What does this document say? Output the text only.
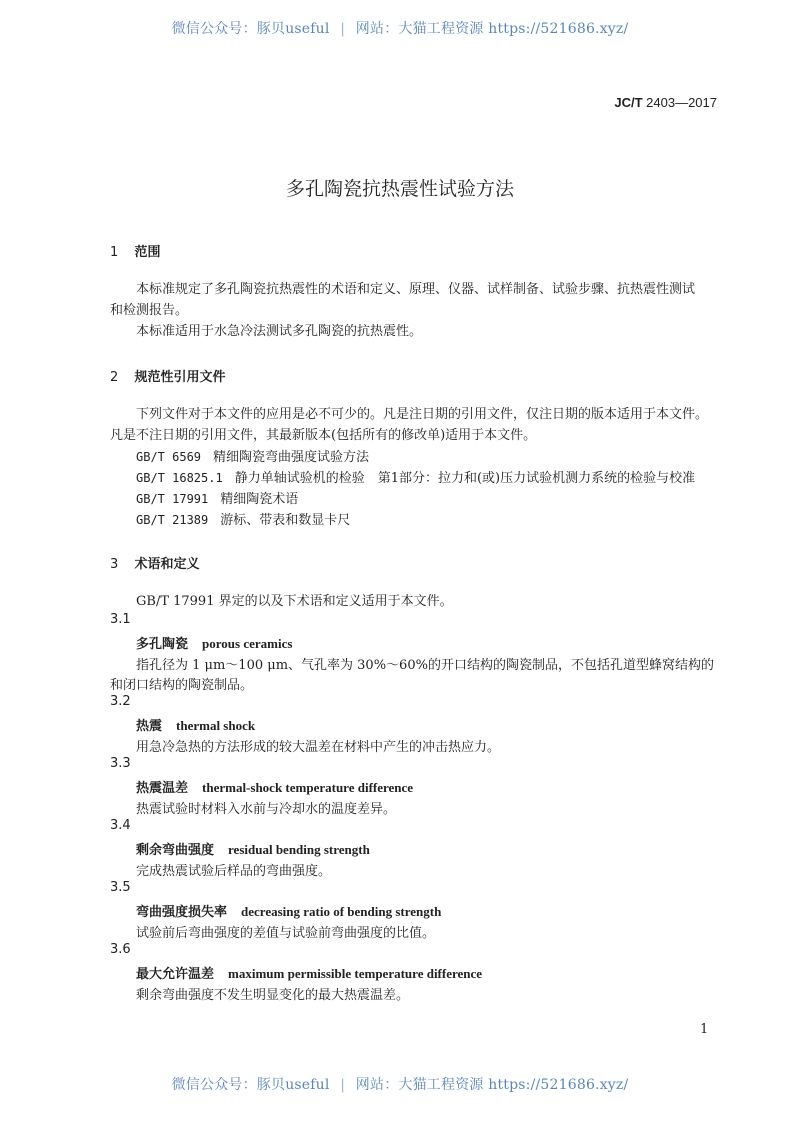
微信公众号：豚贝useful | 网站：大猫工程资源 https://521686.xyz/
JC/T 2403—2017
多孔陶瓷抗热震性试验方法
1 范围
本标准规定了多孔陶瓷抗热震性的术语和定义、原理、仪器、试样制备、试验步骤、抗热震性测试
和检测报告。
本标准适用于水急冷法测试多孔陶瓷的抗热震性。
2 规范性引用文件
下列文件对于本文件的应用是必不可少的。凡是注日期的引用文件，仅注日期的版本适用于本文件。
凡是不注日期的引用文件，其最新版本(包括所有的修改单)适用于本文件。
GB/T 6569 精细陶瓷弯曲强度试验方法
GB/T 16825.1 静力单轴试验机的检验　第1部分：拉力和(或)压力试验机测力系统的检验与校准
GB/T 17991 精细陶瓷术语
GB/T 21389 游标、带表和数显卡尺
3 术语和定义
GB/T 17991 界定的以及下术语和定义适用于本文件。
3.1
多孔陶瓷 porous ceramics
指孔径为 1 μm～100 μm、气孔率为 30%～60%的开口结构的陶瓷制品，不包括孔道型蜂窝结构的
和闭口结构的陶瓷制品。
3.2
热震 thermal shock
用急冷急热的方法形成的较大温差在材料中产生的冲击热应力。
3.3
热震温差 thermal-shock temperature difference
热震试验时材料入水前与冷却水的温度差异。
3.4
剩余弯曲强度 residual bending strength
完成热震试验后样品的弯曲强度。
3.5
弯曲强度损失率 decreasing ratio of bending strength
试验前后弯曲强度的差值与试验前弯曲强度的比值。
3.6
最大允许温差 maximum permissible temperature difference
剩余弯曲强度不发生明显变化的最大热震温差。
1
微信公众号：豚贝useful | 网站：大猫工程资源 https://521686.xyz/
